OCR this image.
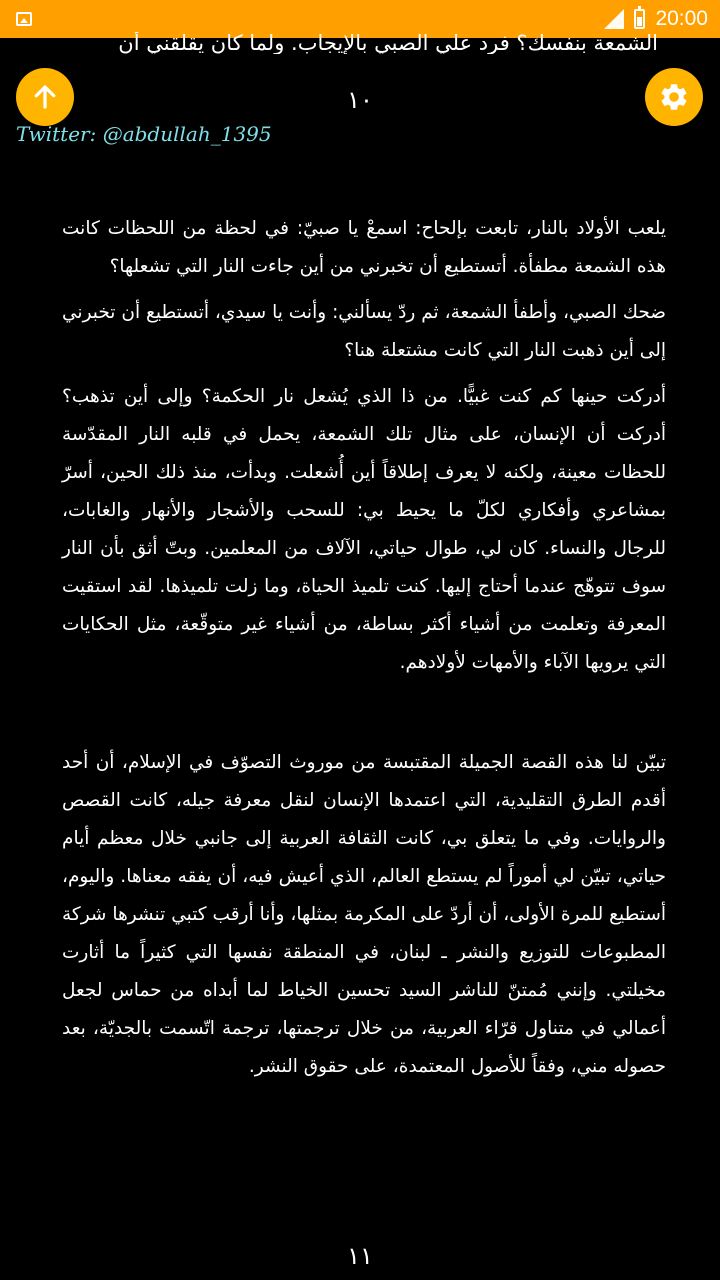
20:00
الشمعة بنفسك؟ فرد علي الصبي بالإيجاب. ولما كان يقلقني أن
١٠
Twitter: @abdullah_1395

يلعب الأولاد بالنار، تابعت بإلحاح: اسمعْ يا صبيّ: في لحظة من اللحظات كانت هذه الشمعة مطفأة. أتستطيع أن تخبرني من أين جاءت النار التي تشعلها؟

ضحك الصبي، وأطفأ الشمعة، ثم ردّ يسألني: وأنت يا سيدي، أتستطيع أن تخبرني إلى أين ذهبت النار التي كانت مشتعلة هنا؟

أدركت حينها كم كنت غبيًّا. من ذا الذي يُشعل نار الحكمة؟ وإلى أين تذهب؟ أدركت أن الإنسان، على مثال تلك الشمعة، يحمل في قلبه النار المقدّسة للحظات معينة، ولكنه لا يعرف إطلاقاً أين أُشعلت. وبدأت، منذ ذلك الحين، أسرّ بمشاعري وأفكاري لكلّ ما يحيط بي: للسحب والأشجار والأنهار والغابات، للرجال والنساء. كان لي، طوال حياتي، الآلاف من المعلمين. وبتّ أثق بأن النار سوف تتوهّج عندما أحتاج إليها. كنت تلميذ الحياة، وما زلت تلميذها. لقد استقيت المعرفة وتعلمت من أشياء أكثر بساطة، من أشياء غير متوقّعة، مثل الحكايات التي يرويها الآباء والأمهات لأولادهم.

تبيّن لنا هذه القصة الجميلة المقتبسة من موروث التصوّف في الإسلام، أن أحد أقدم الطرق التقليدية، التي اعتمدها الإنسان لنقل معرفة جيله، كانت القصص والروايات. وفي ما يتعلق بي، كانت الثقافة العربية إلى جانبي خلال معظم أيام حياتي، تبيّن لي أموراً لم يستطع العالم، الذي أعيش فيه، أن يفقه معناها. واليوم، أستطيع للمرة الأولى، أن أردّ على المكرمة بمثلها، وأنا أرقب كتبي تنشرها شركة المطبوعات للتوزيع والنشر ـ لبنان، في المنطقة نفسها التي كثيراً ما أثارت مخيلتي. وإنني مُمتنّ للناشر السيد تحسين الخياط لما أبداه من حماس لجعل أعمالي في متناول قرّاء العربية، من خلال ترجمتها، ترجمة اتّسمت بالجديّة، بعد حصوله مني، وفقاً للأصول المعتمدة، على حقوق النشر.

١١
